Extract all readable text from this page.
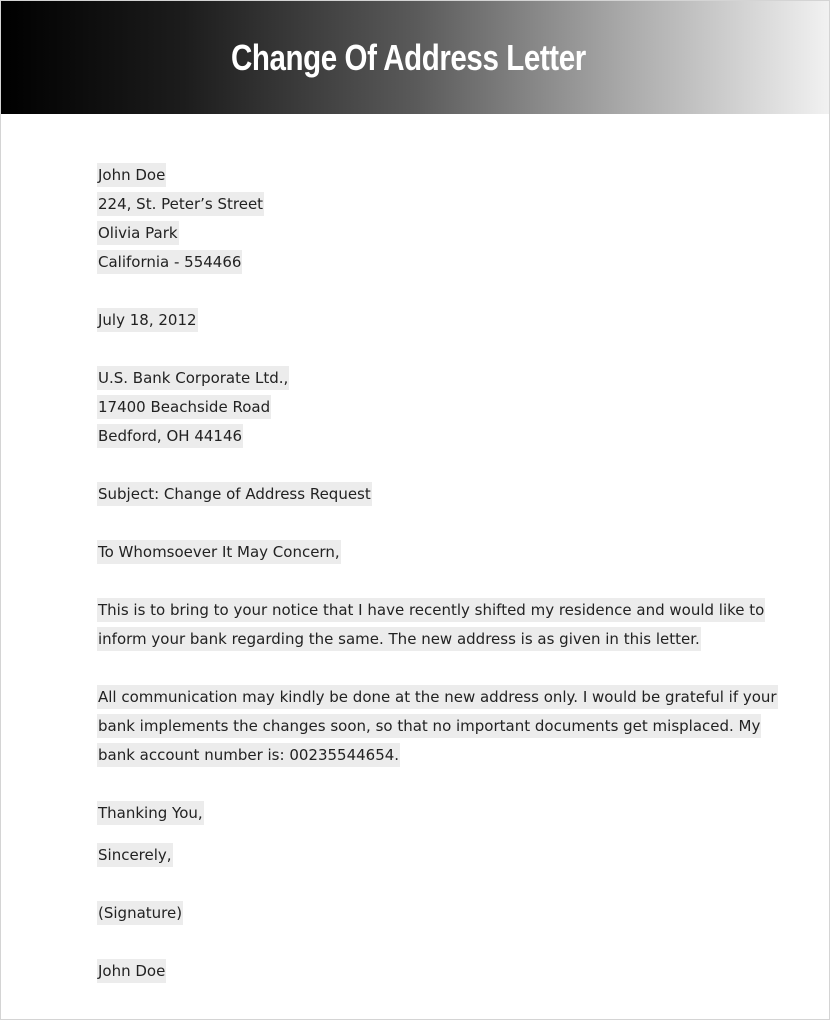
Change Of Address Letter
John Doe
224, St. Peter’s Street
Olivia Park
California - 554466
July 18, 2012
U.S. Bank Corporate Ltd.,
17400 Beachside Road
Bedford, OH 44146
Subject: Change of Address Request
To Whomsoever It May Concern,
This is to bring to your notice that I have recently shifted my residence and would like to
inform your bank regarding the same. The new address is as given in this letter.
All communication may kindly be done at the new address only. I would be grateful if your
bank implements the changes soon, so that no important documents get misplaced. My
bank account number is: 00235544654.
Thanking You,
Sincerely,
(Signature)
John Doe
